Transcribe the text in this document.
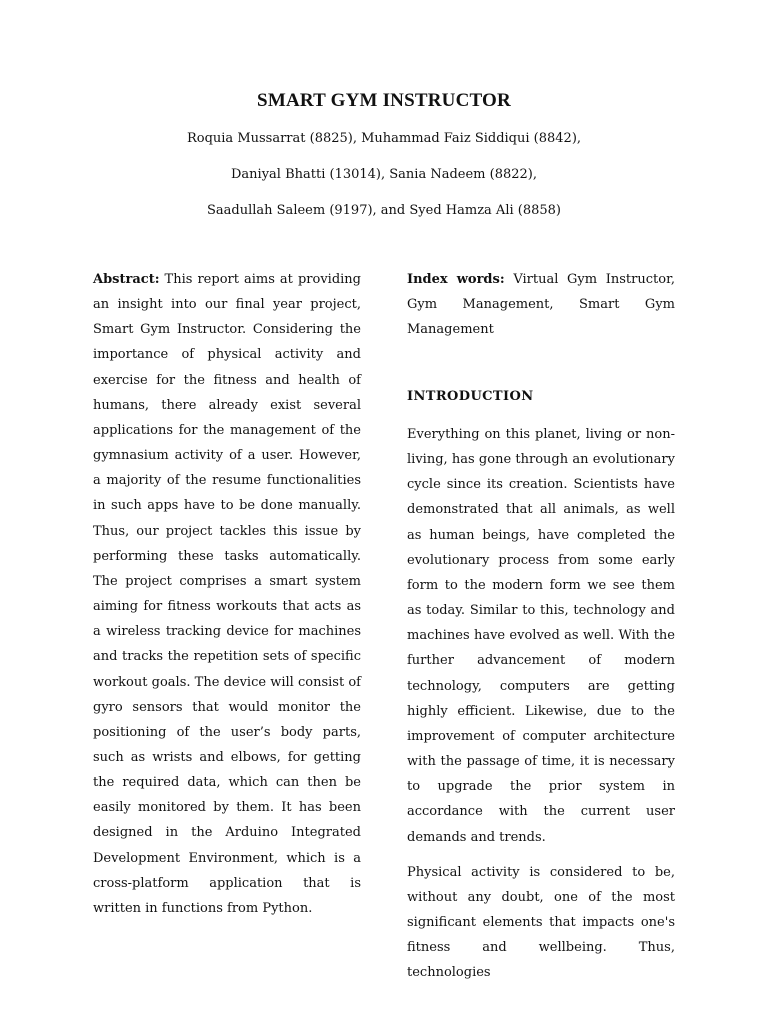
SMART GYM INSTRUCTOR
Roquia Mussarrat (8825), Muhammad Faiz Siddiqui (8842),
Daniyal Bhatti (13014), Sania Nadeem (8822),
Saadullah Saleem (9197), and Syed Hamza Ali (8858)

Abstract: This report aims at providing an insight into our final year project, Smart Gym Instructor. Considering the importance of physical activity and exercise for the fitness and health of humans, there already exist several applications for the management of the gymnasium activity of a user. However, a majority of the resume functionalities in such apps have to be done manually. Thus, our project tackles this issue by performing these tasks automatically. The project comprises a smart system aiming for fitness workouts that acts as a wireless tracking device for machines and tracks the repetition sets of specific workout goals. The device will consist of gyro sensors that would monitor the positioning of the user’s body parts, such as wrists and elbows, for getting the required data, which can then be easily monitored by them. It has been designed in the Arduino Integrated Development Environment, which is a cross-platform application that is written in functions from Python.

Index words: Virtual Gym Instructor, Gym Management, Smart Gym Management

INTRODUCTION

Everything on this planet, living or non-living, has gone through an evolutionary cycle since its creation. Scientists have demonstrated that all animals, as well as human beings, have completed the evolutionary process from some early form to the modern form we see them as today. Similar to this, technology and machines have evolved as well. With the further advancement of modern technology, computers are getting highly efficient. Likewise, due to the improvement of computer architecture with the passage of time, it is necessary to upgrade the prior system in accordance with the current user demands and trends.

Physical activity is considered to be, without any doubt, one of the most significant elements that impacts one's fitness and wellbeing. Thus, technologies
